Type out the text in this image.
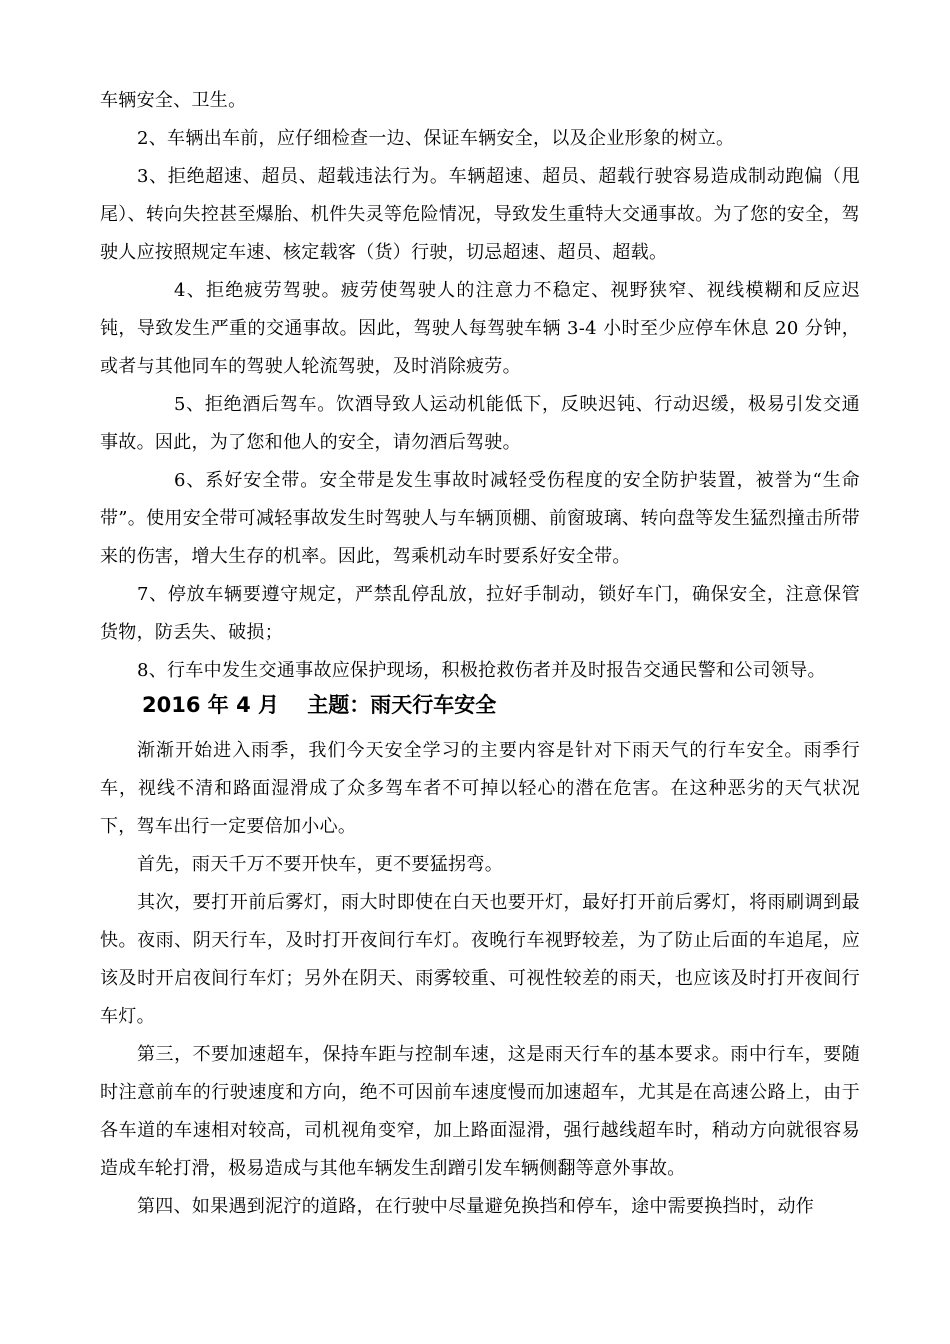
车辆安全、卫生。

2、车辆出车前，应仔细检查一边、保证车辆安全，以及企业形象的树立。

3、拒绝超速、超员、超载违法行为。车辆超速、超员、超载行驶容易造成制动跑偏（甩尾）、转向失控甚至爆胎、机件失灵等危险情况，导致发生重特大交通事故。为了您的安全，驾驶人应按照规定车速、核定载客（货）行驶，切忌超速、超员、超载。

4、拒绝疲劳驾驶。疲劳使驾驶人的注意力不稳定、视野狭窄、视线模糊和反应迟钝，导致发生严重的交通事故。因此，驾驶人每驾驶车辆 3-4 小时至少应停车休息 20 分钟，或者与其他同车的驾驶人轮流驾驶，及时消除疲劳。

5、拒绝酒后驾车。饮酒导致人运动机能低下，反映迟钝、行动迟缓，极易引发交通事故。因此，为了您和他人的安全，请勿酒后驾驶。

6、系好安全带。安全带是发生事故时减轻受伤程度的安全防护装置，被誉为“生命带”。使用安全带可减轻事故发生时驾驶人与车辆顶棚、前窗玻璃、转向盘等发生猛烈撞击所带来的伤害，增大生存的机率。因此，驾乘机动车时要系好安全带。

7、停放车辆要遵守规定，严禁乱停乱放，拉好手制动，锁好车门，确保安全，注意保管货物，防丢失、破损；

8、行车中发生交通事故应保护现场，积极抢救伤者并及时报告交通民警和公司领导。

2016 年 4 月　 主题：雨天行车安全

渐渐开始进入雨季，我们今天安全学习的主要内容是针对下雨天气的行车安全。雨季行车，视线不清和路面湿滑成了众多驾车者不可掉以轻心的潜在危害。在这种恶劣的天气状况下，驾车出行一定要倍加小心。

首先，雨天千万不要开快车，更不要猛拐弯。

其次，要打开前后雾灯，雨大时即使在白天也要开灯，最好打开前后雾灯，将雨刷调到最快。夜雨、阴天行车，及时打开夜间行车灯。夜晚行车视野较差，为了防止后面的车追尾，应该及时开启夜间行车灯；另外在阴天、雨雾较重、可视性较差的雨天，也应该及时打开夜间行车灯。

第三，不要加速超车，保持车距与控制车速，这是雨天行车的基本要求。雨中行车，要随时注意前车的行驶速度和方向，绝不可因前车速度慢而加速超车，尤其是在高速公路上，由于各车道的车速相对较高，司机视角变窄，加上路面湿滑，强行越线超车时，稍动方向就很容易造成车轮打滑，极易造成与其他车辆发生刮蹭引发车辆侧翻等意外事故。

第四、如果遇到泥泞的道路，在行驶中尽量避免换挡和停车，途中需要换挡时，动作
